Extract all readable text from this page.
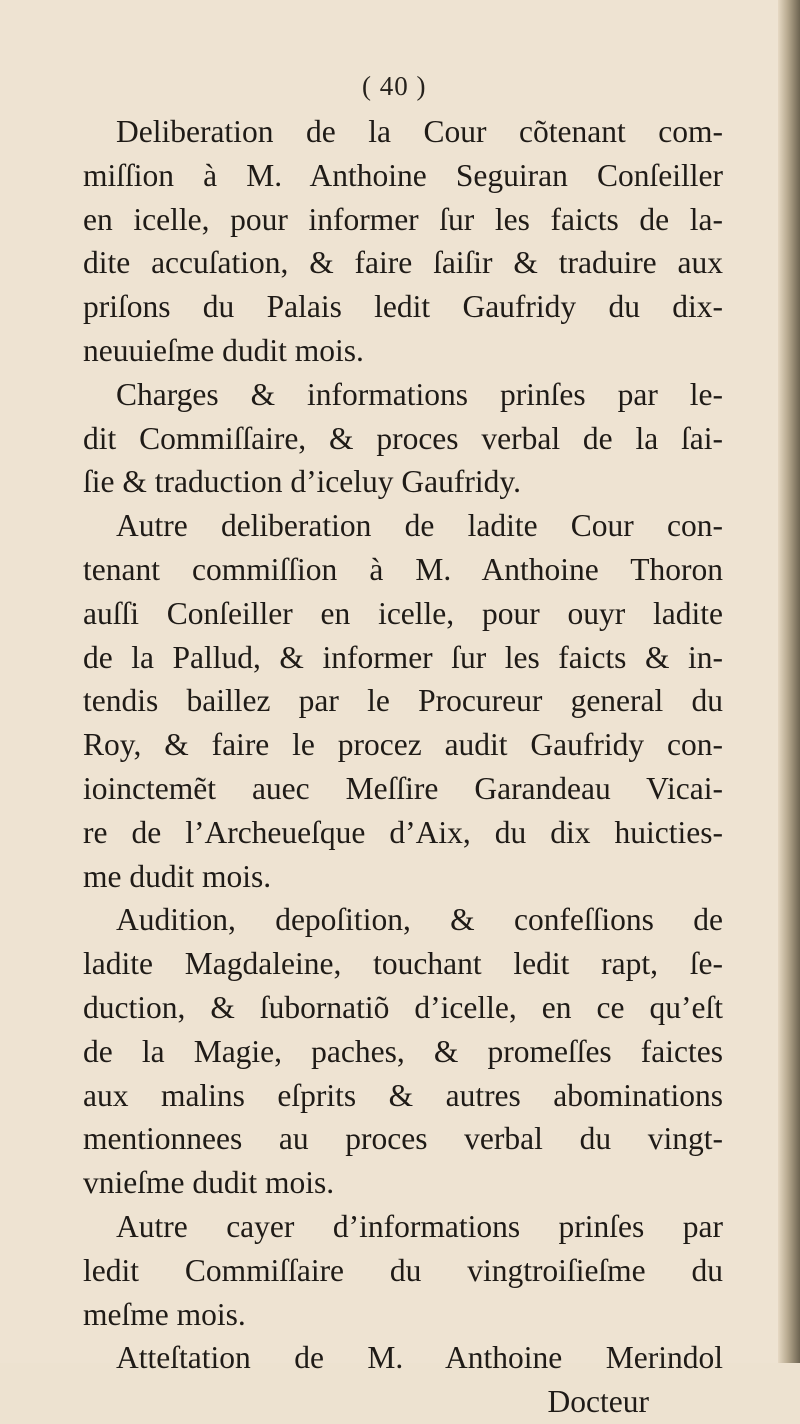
( 40 )
Deliberation de la Cour cõtenant com-
miſſion à M. Anthoine Seguiran Conſeiller
en icelle, pour informer ſur les faicts de la-
dite accuſation, & faire ſaiſir & traduire aux
priſons du Palais ledit Gaufridy du dix-
neuuieſme dudit mois.
Charges & informations prinſes par le-
dit Commiſſaire, & proces verbal de la ſai-
ſie & traduction d’iceluy Gaufridy.
Autre deliberation de ladite Cour con-
tenant commiſſion à M. Anthoine Thoron
auſſi Conſeiller en icelle, pour ouyr ladite
de la Pallud, & informer ſur les faicts & in-
tendis baillez par le Procureur general du
Roy, & faire le procez audit Gaufridy con-
ioinctemẽt auec Meſſire Garandeau Vicai-
re de l’Archeueſque d’Aix, du dix huicties-
me dudit mois.
Audition, depoſition, & confeſſions de
ladite Magdaleine, touchant ledit rapt, ſe-
duction, & ſubornatiõ d’icelle, en ce qu’eſt
de la Magie, paches, & promeſſes faictes
aux malins eſprits & autres abominations
mentionnees au proces verbal du vingt-
vnieſme dudit mois.
Autre cayer d’informations prinſes par
ledit Commiſſaire du vingtroiſieſme du
meſme mois.
Atteſtation de M. Anthoine Merindol
Docteur
